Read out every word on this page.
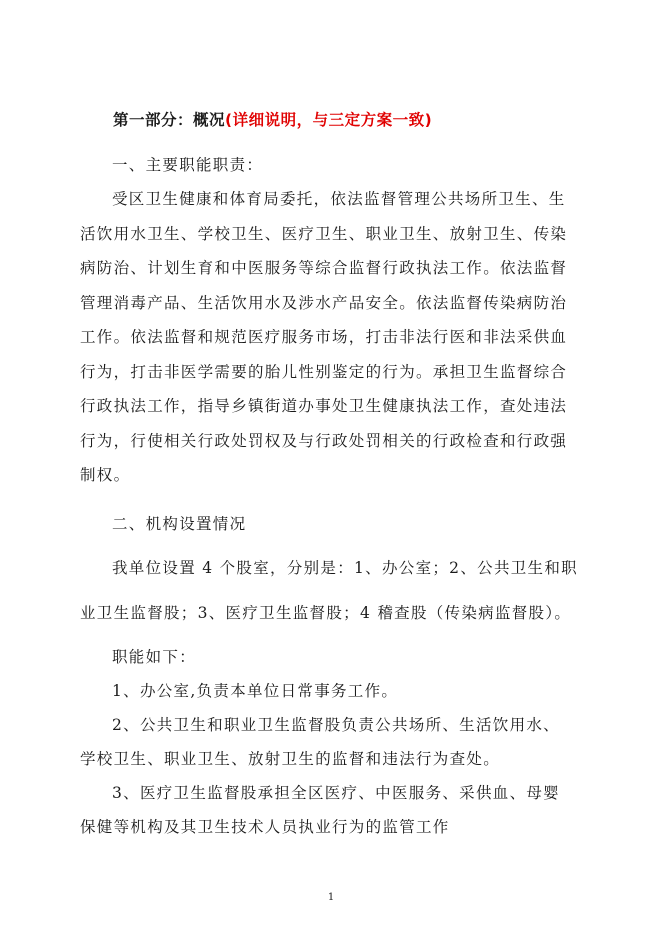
第一部分：概况(详细说明，与三定方案一致)
一、主要职能职责：
受区卫生健康和体育局委托，依法监督管理公共场所卫生、生
活饮用水卫生、学校卫生、医疗卫生、职业卫生、放射卫生、传染
病防治、计划生育和中医服务等综合监督行政执法工作。依法监督
管理消毒产品、生活饮用水及涉水产品安全。依法监督传染病防治
工作。依法监督和规范医疗服务市场，打击非法行医和非法采供血
行为，打击非医学需要的胎儿性别鉴定的行为。承担卫生监督综合
行政执法工作，指导乡镇街道办事处卫生健康执法工作，查处违法
行为，行使相关行政处罚权及与行政处罚相关的行政检查和行政强
制权。
二、机构设置情况
我单位设置 4 个股室，分别是：1、办公室；2、公共卫生和职
业卫生监督股；3、医疗卫生监督股；4 稽查股（传染病监督股）。
职能如下：
1、办公室,负责本单位日常事务工作。
2、公共卫生和职业卫生监督股负责公共场所、生活饮用水、
学校卫生、职业卫生、放射卫生的监督和违法行为查处。
3、医疗卫生监督股承担全区医疗、中医服务、采供血、母婴
保健等机构及其卫生技术人员执业行为的监管工作
1
